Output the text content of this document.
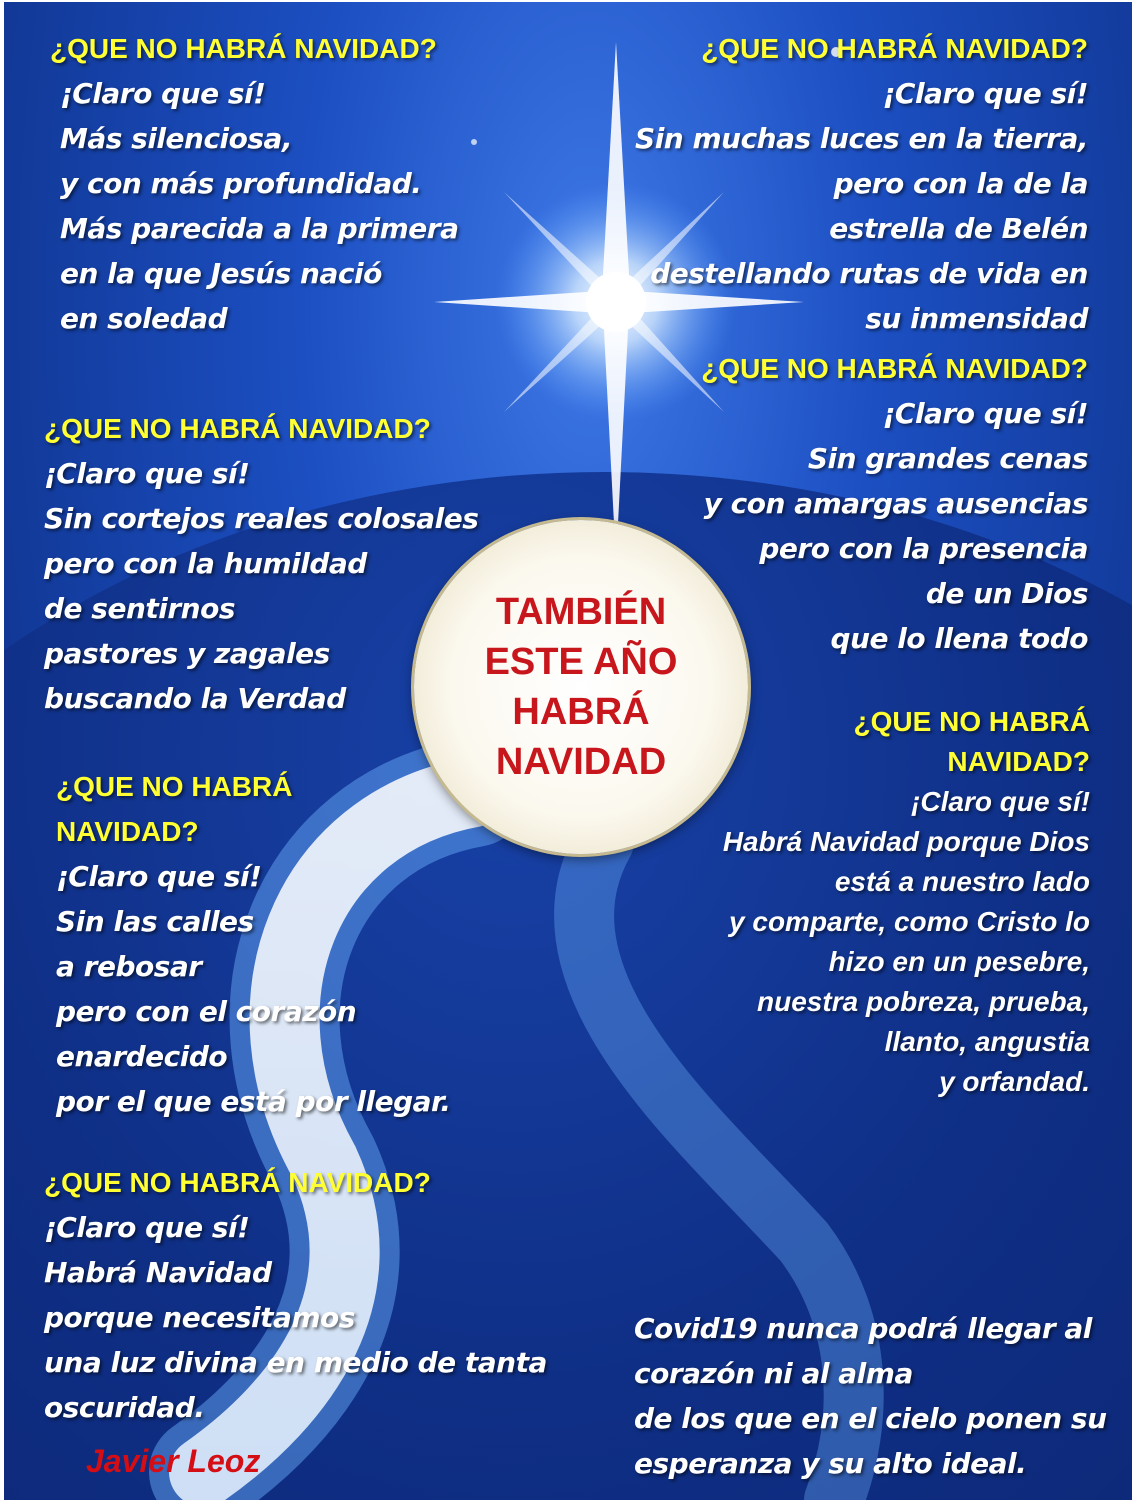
¿QUE NO HABRÁ NAVIDAD?
¡Claro que sí!
Más silenciosa,
y con más profundidad.
Más parecida a la primera
en la que Jesús nació
en soledad
¿QUE NO HABRÁ NAVIDAD?
¡Claro que sí!
Sin cortejos reales colosales
pero con la humildad
de sentirnos
pastores y zagales
buscando la Verdad
¿QUE NO HABRÁ
NAVIDAD?
¡Claro que sí!
Sin las calles
a rebosar
pero con el corazón
enardecido
por el que está por llegar.
¿QUE NO HABRÁ NAVIDAD?
¡Claro que sí!
Habrá Navidad
porque necesitamos
una luz divina en medio de tanta
oscuridad.
¿QUE NO HABRÁ NAVIDAD?
¡Claro que sí!
Sin muchas luces en la tierra,
pero con la de la
estrella de Belén
destellando rutas de vida en
su inmensidad
¿QUE NO HABRÁ NAVIDAD?
¡Claro que sí!
Sin grandes cenas
y con amargas ausencias
pero con la presencia
de un Dios
que lo llena todo
¿QUE NO HABRÁ
NAVIDAD?
¡Claro que sí!
Habrá Navidad porque Dios
está a nuestro lado
y comparte, como Cristo lo
hizo en un pesebre,
nuestra pobreza, prueba,
llanto, angustia
y orfandad.
Covid19 nunca podrá llegar al
corazón ni al alma
de los que en el cielo ponen su
esperanza y su alto ideal.
TAMBIÉN
ESTE AÑO
HABRÁ
NAVIDAD
Javier Leoz
